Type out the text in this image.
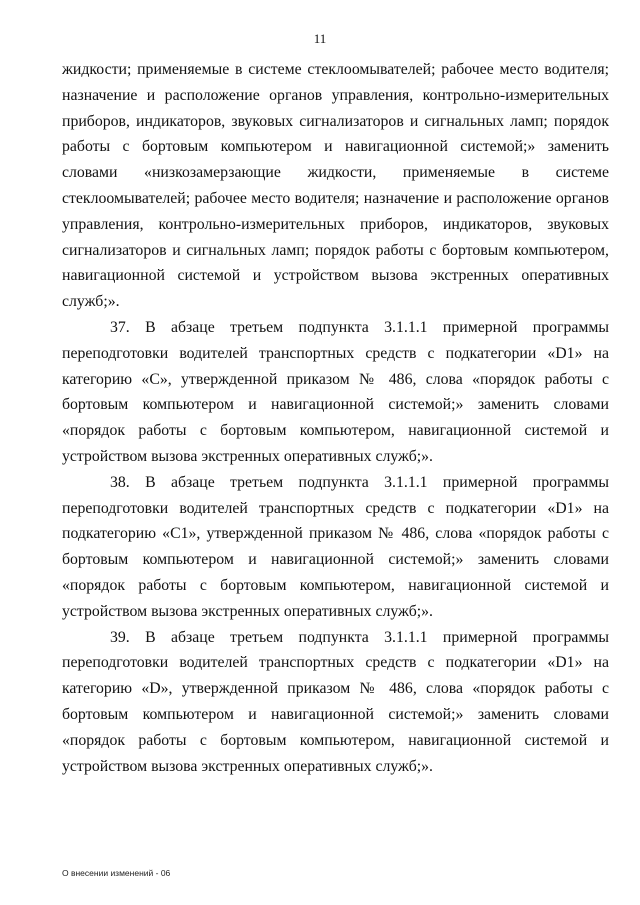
11

жидкости; применяемые в системе стеклоомывателей; рабочее место водителя; назначение и расположение органов управления, контрольно-измерительных приборов, индикаторов, звуковых сигнализаторов и сигнальных ламп; порядок работы с бортовым компьютером и навигационной системой;» заменить словами «низкозамерзающие жидкости, применяемые в системе стеклоомывателей; рабочее место водителя; назначение и расположение органов управления, контрольно-измерительных приборов, индикаторов, звуковых сигнализаторов и сигнальных ламп; порядок работы с бортовым компьютером, навигационной системой и устройством вызова экстренных оперативных служб;».

37. В абзаце третьем подпункта 3.1.1.1 примерной программы переподготовки водителей транспортных средств с подкатегории «D1» на категорию «С», утвержденной приказом № 486, слова «порядок работы с бортовым компьютером и навигационной системой;» заменить словами «порядок работы с бортовым компьютером, навигационной системой и устройством вызова экстренных оперативных служб;».

38. В абзаце третьем подпункта 3.1.1.1 примерной программы переподготовки водителей транспортных средств с подкатегории «D1» на подкатегорию «С1», утвержденной приказом № 486, слова «порядок работы с бортовым компьютером и навигационной системой;» заменить словами «порядок работы с бортовым компьютером, навигационной системой и устройством вызова экстренных оперативных служб;».

39. В абзаце третьем подпункта 3.1.1.1 примерной программы переподготовки водителей транспортных средств с подкатегории «D1» на категорию «D», утвержденной приказом № 486, слова «порядок работы с бортовым компьютером и навигационной системой;» заменить словами «порядок работы с бортовым компьютером, навигационной системой и устройством вызова экстренных оперативных служб;».

О внесении изменений - 06
